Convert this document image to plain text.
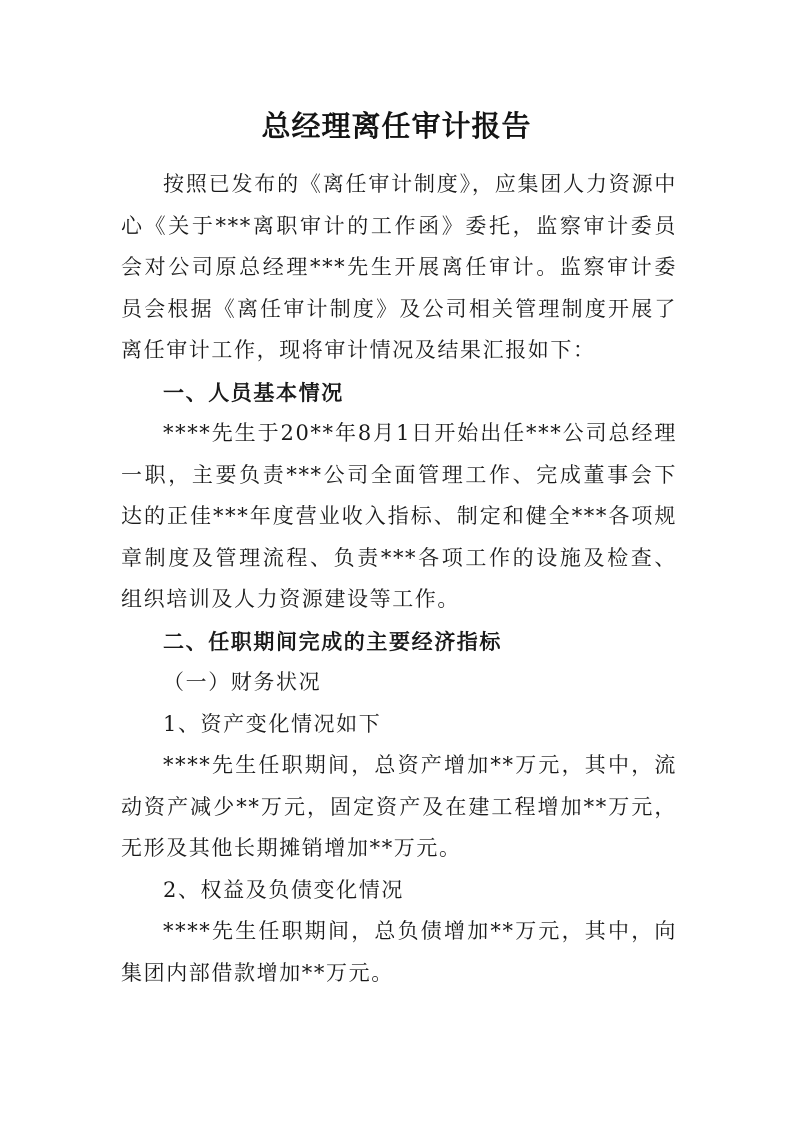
总经理离任审计报告

按照已发布的《离任审计制度》，应集团人力资源中心《关于***离职审计的工作函》委托，监察审计委员会对公司原总经理***先生开展离任审计。监察审计委员会根据《离任审计制度》及公司相关管理制度开展了离任审计工作，现将审计情况及结果汇报如下：

一、人员基本情况

****先生于20**年8月1日开始出任***公司总经理一职，主要负责***公司全面管理工作、完成董事会下达的正佳***年度营业收入指标、制定和健全***各项规章制度及管理流程、负责***各项工作的设施及检查、组织培训及人力资源建设等工作。

二、任职期间完成的主要经济指标

（一）财务状况

1、资产变化情况如下

****先生任职期间，总资产增加**万元，其中，流动资产减少**万元，固定资产及在建工程增加**万元，无形及其他长期摊销增加**万元。

2、权益及负债变化情况

****先生任职期间，总负债增加**万元，其中，向集团内部借款增加**万元。
